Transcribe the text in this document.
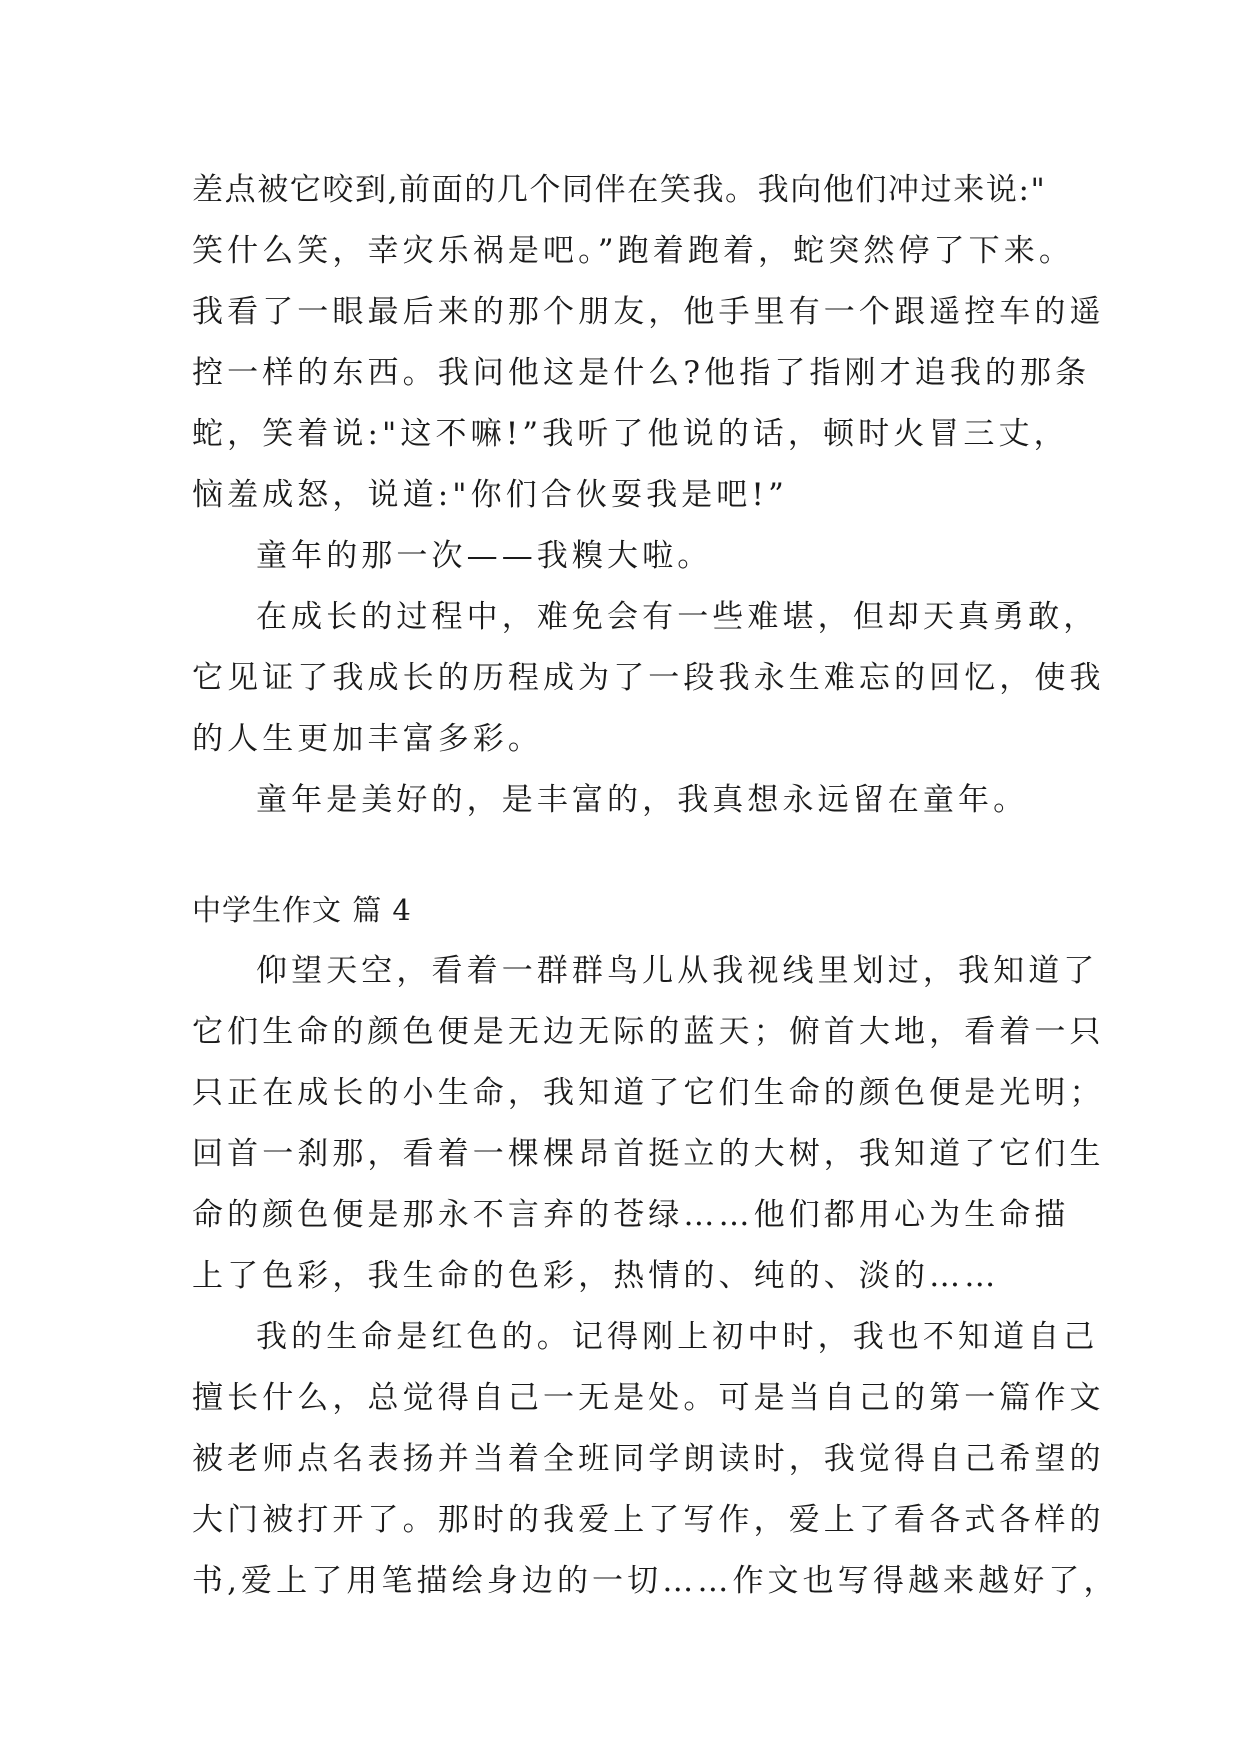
差点被它咬到,前面的几个同伴在笑我。我向他们冲过来说:"
笑什么笑，幸灾乐祸是吧。”跑着跑着，蛇突然停了下来。
我看了一眼最后来的那个朋友，他手里有一个跟遥控车的遥
控一样的东西。我问他这是什么?他指了指刚才追我的那条
蛇，笑着说:"这不嘛!”我听了他说的话，顿时火冒三丈，
恼羞成怒，说道:"你们合伙耍我是吧!”
童年的那一次——我糗大啦。
在成长的过程中，难免会有一些难堪，但却天真勇敢，
它见证了我成长的历程成为了一段我永生难忘的回忆，使我
的人生更加丰富多彩。
童年是美好的，是丰富的，我真想永远留在童年。
中学生作文 篇 4
仰望天空，看着一群群鸟儿从我视线里划过，我知道了
它们生命的颜色便是无边无际的蓝天；俯首大地，看着一只
只正在成长的小生命，我知道了它们生命的颜色便是光明；
回首一刹那，看着一棵棵昂首挺立的大树，我知道了它们生
命的颜色便是那永不言弃的苍绿……他们都用心为生命描
上了色彩，我生命的色彩，热情的、纯的、淡的……
我的生命是红色的。记得刚上初中时，我也不知道自己
擅长什么，总觉得自己一无是处。可是当自己的第一篇作文
被老师点名表扬并当着全班同学朗读时，我觉得自己希望的
大门被打开了。那时的我爱上了写作，爱上了看各式各样的
书,爱上了用笔描绘身边的一切……作文也写得越来越好了，
